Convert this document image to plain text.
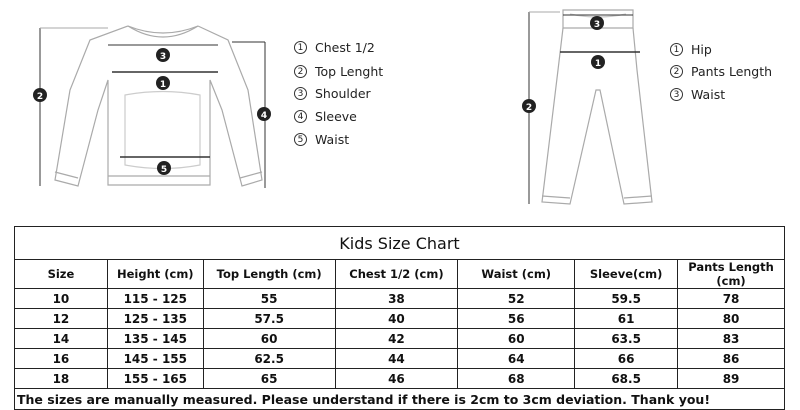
3
1
5
2
4
3
1
2
1 Chest 1/2
2 Top Lenght
3 Shoulder
4 Sleeve
5 Waist
1 Hip
2 Pants Length
3 Waist
Kids Size Chart						
Size	Height (cm)	Top Length (cm)	Chest 1/2 (cm)	Waist (cm)	Sleeve(cm)	Pants Length (cm)
10	115 - 125	55	38	52	59.5	78
12	125 - 135	57.5	40	56	61	80
14	135 - 145	60	42	60	63.5	83
16	145 - 155	62.5	44	64	66	86
18	155 - 165	65	46	68	68.5	89
The sizes are manually measured. Please understand if there is 2cm to 3cm deviation. Thank you!						
